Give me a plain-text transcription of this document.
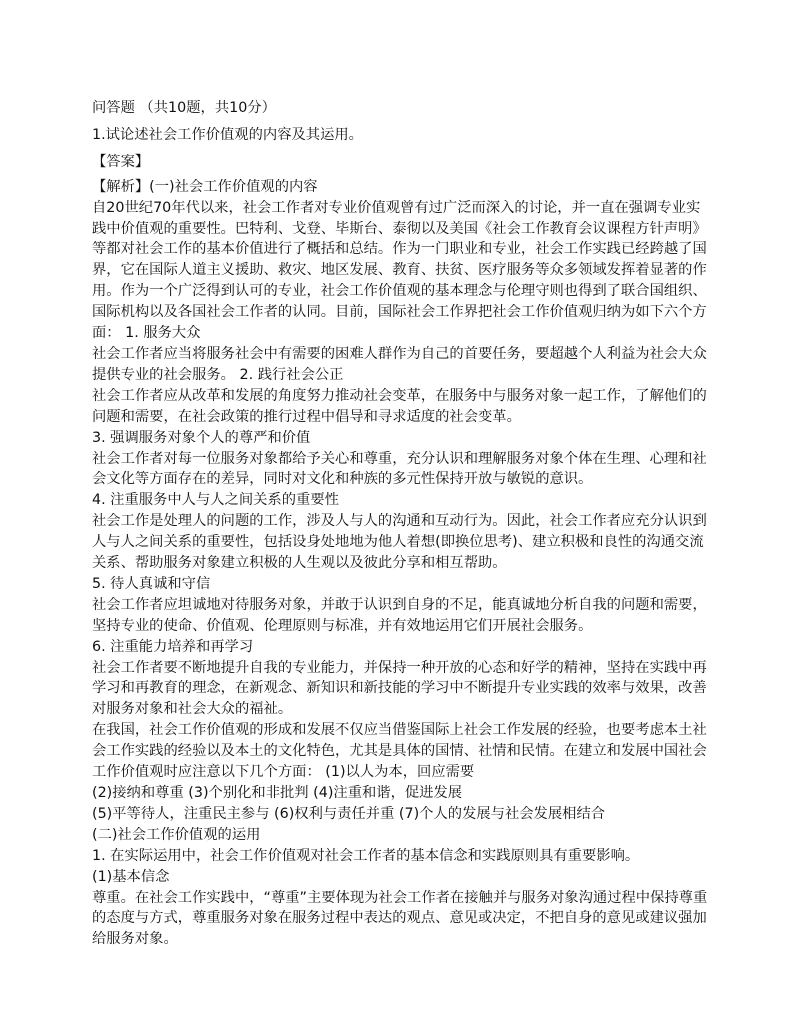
问答题 （共10题，共10分）

1.试论述社会工作价值观的内容及其运用。

【答案】

【解析】(一)社会工作价值观的内容

自20世纪70年代以来，社会工作者对专业价值观曾有过广泛而深入的讨论，并一直在强调专业实践中价值观的重要性。巴特利、戈登、毕斯台、泰彻以及美国《社会工作教育会议课程方针声明》等都对社会工作的基本价值进行了概括和总结。作为一门职业和专业，社会工作实践已经跨越了国界，它在国际人道主义援助、救灾、地区发展、教育、扶贫、医疗服务等众多领域发挥着显著的作用。作为一个广泛得到认可的专业，社会工作价值观的基本理念与伦理守则也得到了联合国组织、国际机构以及各国社会工作者的认同。目前，国际社会工作界把社会工作价值观归纳为如下六个方面： 1. 服务大众

社会工作者应当将服务社会中有需要的困难人群作为自己的首要任务，要超越个人利益为社会大众提供专业的社会服务。 2. 践行社会公正

社会工作者应从改革和发展的角度努力推动社会变革，在服务中与服务对象一起工作，了解他们的问题和需要，在社会政策的推行过程中倡导和寻求适度的社会变革。

3. 强调服务对象个人的尊严和价值

社会工作者对每一位服务对象都给予关心和尊重，充分认识和理解服务对象个体在生理、心理和社会文化等方面存在的差异，同时对文化和种族的多元性保持开放与敏锐的意识。

4. 注重服务中人与人之间关系的重要性

社会工作是处理人的问题的工作，涉及人与人的沟通和互动行为。因此，社会工作者应充分认识到人与人之间关系的重要性，包括设身处地地为他人着想(即换位思考)、建立积极和良性的沟通交流关系、帮助服务对象建立积极的人生观以及彼此分享和相互帮助。

5. 待人真诚和守信

社会工作者应坦诚地对待服务对象，并敢于认识到自身的不足，能真诚地分析自我的问题和需要，坚持专业的使命、价值观、伦理原则与标准，并有效地运用它们开展社会服务。

6. 注重能力培养和再学习

社会工作者要不断地提升自我的专业能力，并保持一种开放的心态和好学的精神，坚持在实践中再学习和再教育的理念，在新观念、新知识和新技能的学习中不断提升专业实践的效率与效果，改善对服务对象和社会大众的福祉。

在我国，社会工作价值观的形成和发展不仅应当借鉴国际上社会工作发展的经验，也要考虑本土社会工作实践的经验以及本土的文化特色，尤其是具体的国情、社情和民情。在建立和发展中国社会工作价值观时应注意以下几个方面： (1)以人为本，回应需要

(2)接纳和尊重 (3)个别化和非批判 (4)注重和谐，促进发展

(5)平等待人，注重民主参与 (6)权利与责任并重 (7)个人的发展与社会发展相结合

(二)社会工作价值观的运用

1. 在实际运用中，社会工作价值观对社会工作者的基本信念和实践原则具有重要影响。

(1)基本信念

尊重。在社会工作实践中，“尊重”主要体现为社会工作者在接触并与服务对象沟通过程中保持尊重的态度与方式，尊重服务对象在服务过程中表达的观点、意见或决定，不把自身的意见或建议强加给服务对象。
